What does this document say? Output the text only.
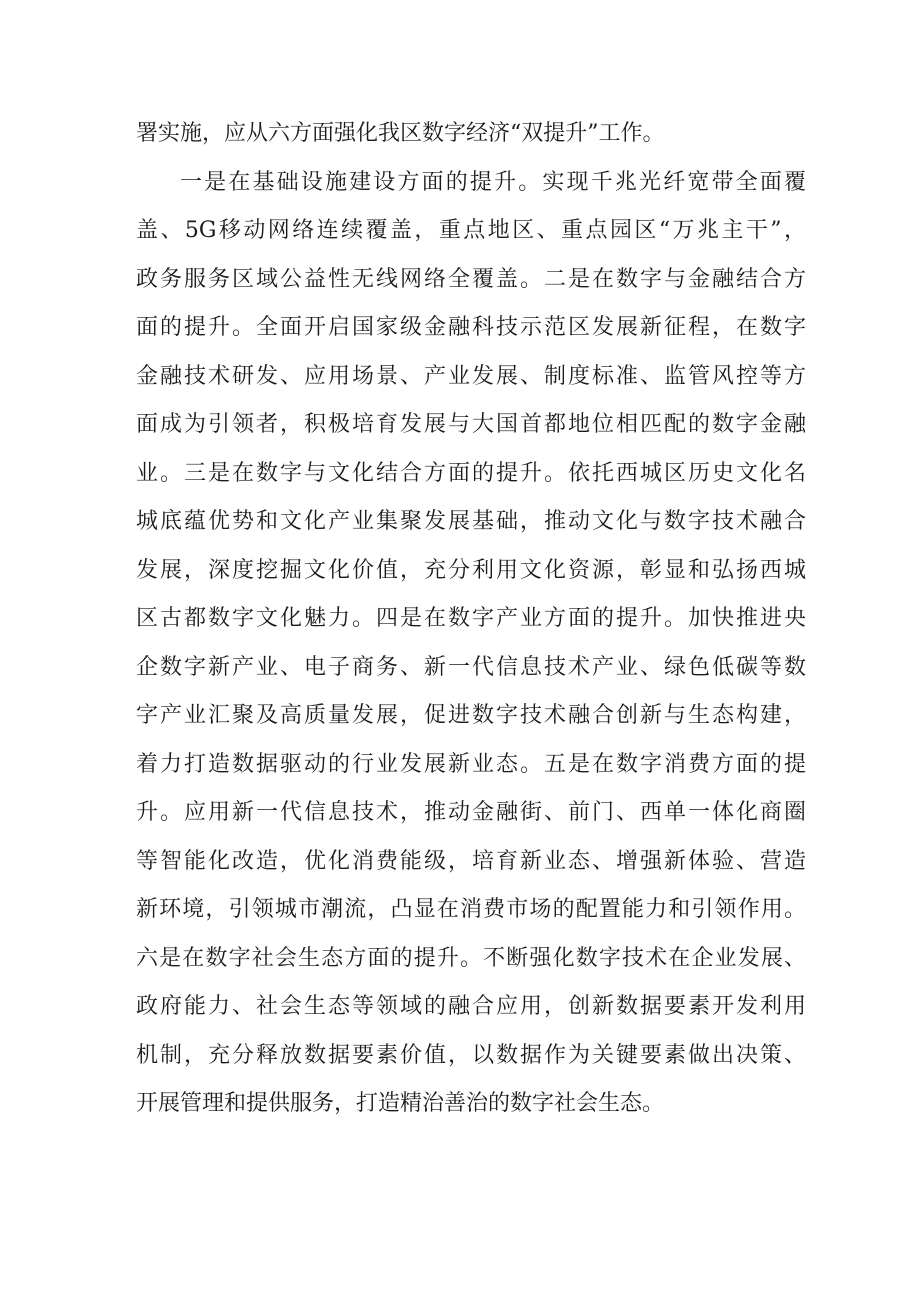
署实施，应从六方面强化我区数字经济“双提升”工作。
一是在基础设施建设方面的提升。实现千兆光纤宽带全面覆
盖、5G移动网络连续覆盖，重点地区、重点园区“万兆主干”，
政务服务区域公益性无线网络全覆盖。二是在数字与金融结合方
面的提升。全面开启国家级金融科技示范区发展新征程，在数字
金融技术研发、应用场景、产业发展、制度标准、监管风控等方
面成为引领者，积极培育发展与大国首都地位相匹配的数字金融
业。三是在数字与文化结合方面的提升。依托西城区历史文化名
城底蕴优势和文化产业集聚发展基础，推动文化与数字技术融合
发展，深度挖掘文化价值，充分利用文化资源，彰显和弘扬西城
区古都数字文化魅力。四是在数字产业方面的提升。加快推进央
企数字新产业、电子商务、新一代信息技术产业、绿色低碳等数
字产业汇聚及高质量发展，促进数字技术融合创新与生态构建，
着力打造数据驱动的行业发展新业态。五是在数字消费方面的提
升。应用新一代信息技术，推动金融街、前门、西单一体化商圈
等智能化改造，优化消费能级，培育新业态、增强新体验、营造
新环境，引领城市潮流，凸显在消费市场的配置能力和引领作用。
六是在数字社会生态方面的提升。不断强化数字技术在企业发展、
政府能力、社会生态等领域的融合应用，创新数据要素开发利用
机制，充分释放数据要素价值，以数据作为关键要素做出决策、
开展管理和提供服务，打造精治善治的数字社会生态。
